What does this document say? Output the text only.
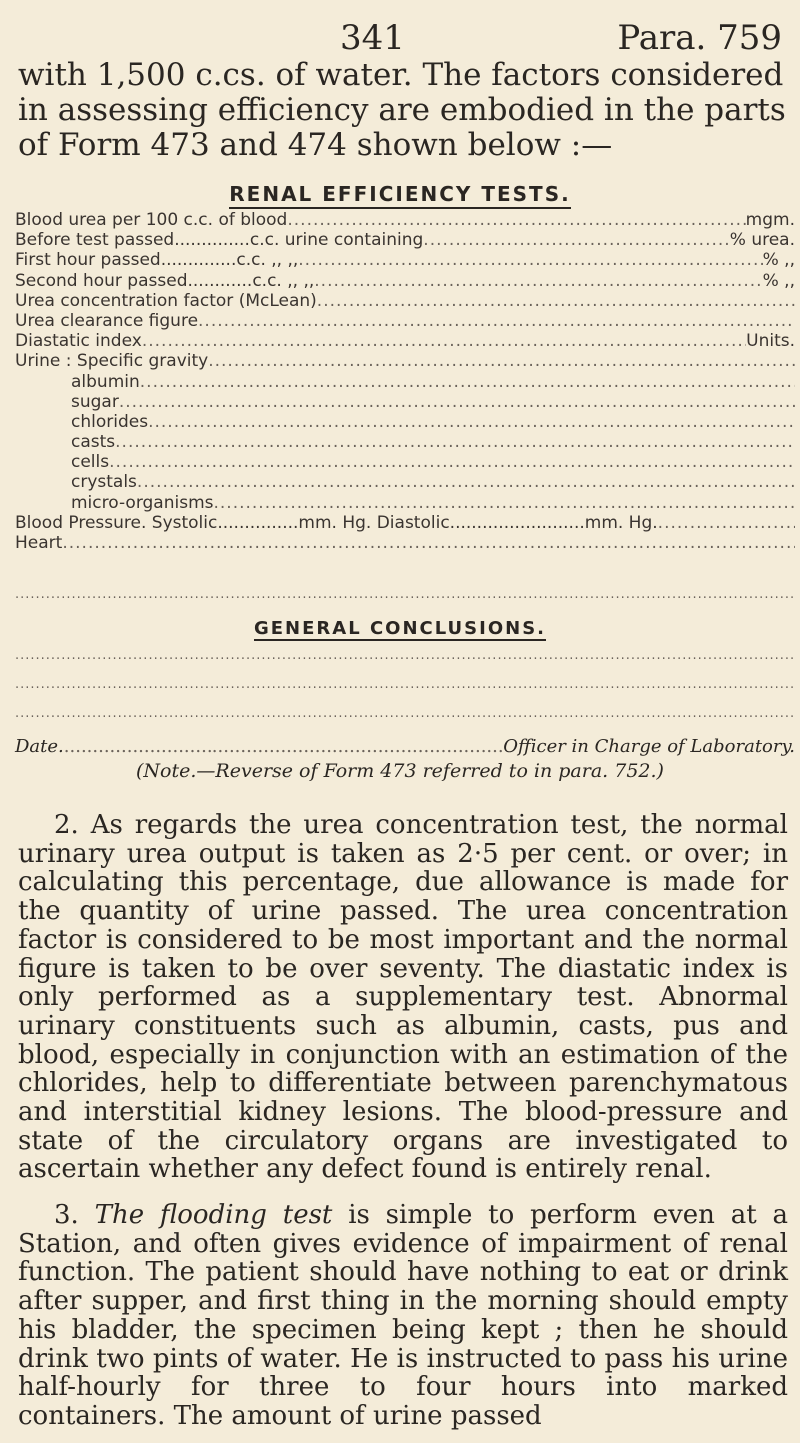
341	Para. 759
with 1,500 c.cs. of water. The factors considered in assessing efficiency are embodied in the parts of Form 473 and 474 shown below :—
RENAL EFFICIENCY TESTS.
Blood urea per 100 c.c. of blood .....	mgm.
Before test passed..............c.c. urine containing .....	% urea.
First hour passed..............c.c. ,, ,, .....	% ,,
Second hour passed............c.c. ,, ,, .....	% ,,
Urea concentration factor (McLean)
.....
Urea clearance figure
.....
Diastatic index .....	Units.
Urine : Specific gravity
.....
albumin
.....
sugar
.....
chlorides
.....
casts
.....
cells
.....
crystals
.....
micro-organisms
.....
Blood Pressure. Systolic...............mm. Hg. Diastolic.........................mm. Hg.
.....
Heart
.....
.....
GENERAL CONCLUSIONS.
.....
.....
.....
Date. ..... .....	Officer in Charge of Laboratory.
(Note.—Reverse of Form 473 referred to in para. 752.)
2. As regards the urea concentration test, the normal urinary urea output is taken as 2·5 per cent. or over; in calculating this percentage, due allowance is made for the quantity of urine passed. The urea concentration factor is considered to be most important and the normal figure is taken to be over seventy. The diastatic index is only performed as a supplementary test. Abnormal urinary constituents such as albumin, casts, pus and blood, especially in conjunction with an estimation of the chlorides, help to differentiate between parenchymatous and interstitial kidney lesions. The blood-pressure and state of the circulatory organs are investigated to ascertain whether any defect found is entirely renal.
3. The flooding test is simple to perform even at a Station, and often gives evidence of impairment of renal function. The patient should have nothing to eat or drink after supper, and first thing in the morning should empty his bladder, the specimen being kept ; then he should drink two pints of water. He is instructed to pass his urine half-hourly for three to four hours into marked containers. The amount of urine passed
